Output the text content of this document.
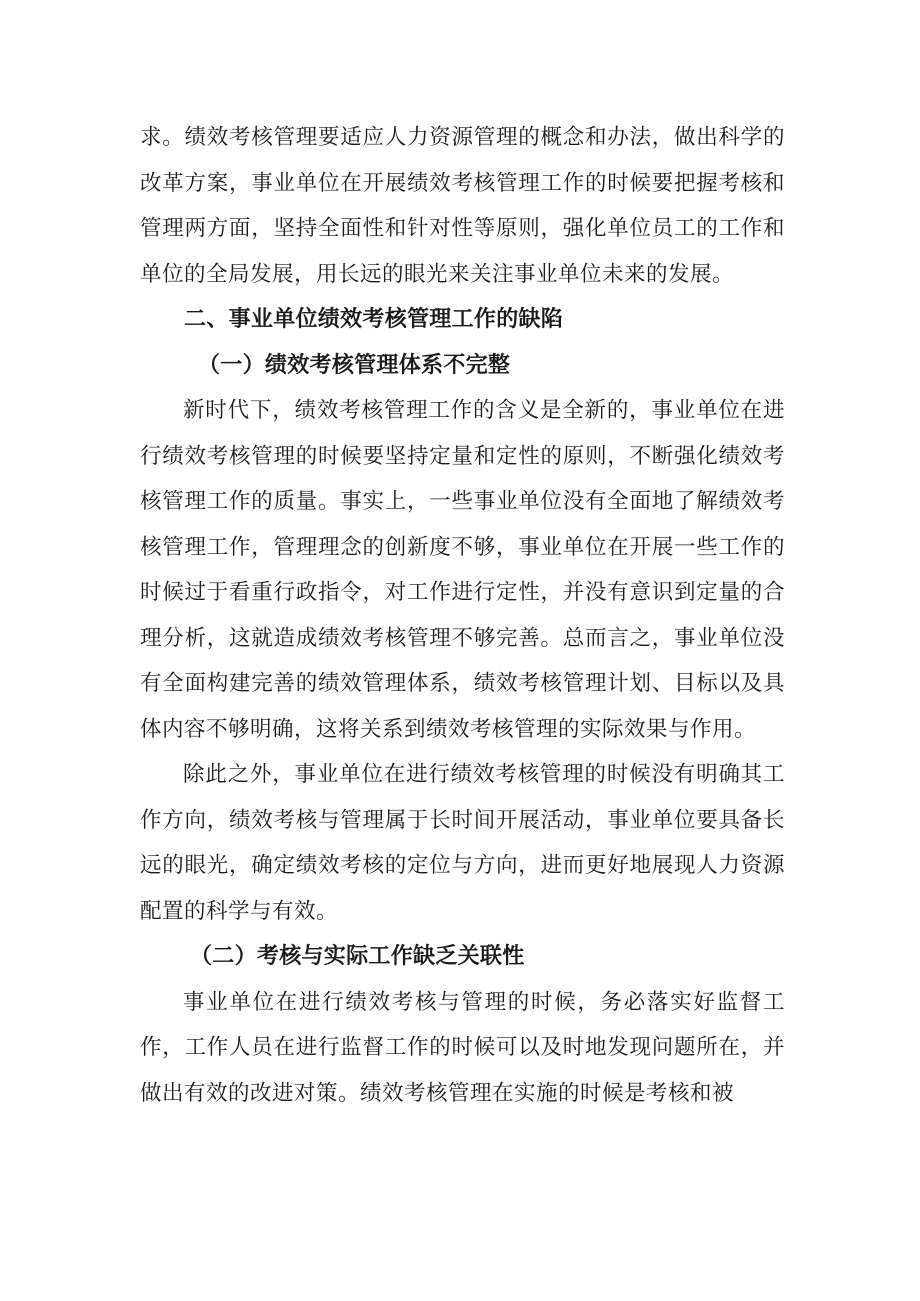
求。绩效考核管理要适应人力资源管理的概念和办法，做出科学的改革方案，事业单位在开展绩效考核管理工作的时候要把握考核和管理两方面，坚持全面性和针对性等原则，强化单位员工的工作和单位的全局发展，用长远的眼光来关注事业单位未来的发展。

二、事业单位绩效考核管理工作的缺陷

（一）绩效考核管理体系不完整

新时代下，绩效考核管理工作的含义是全新的，事业单位在进行绩效考核管理的时候要坚持定量和定性的原则，不断强化绩效考核管理工作的质量。事实上，一些事业单位没有全面地了解绩效考核管理工作，管理理念的创新度不够，事业单位在开展一些工作的时候过于看重行政指令，对工作进行定性，并没有意识到定量的合理分析，这就造成绩效考核管理不够完善。总而言之，事业单位没有全面构建完善的绩效管理体系，绩效考核管理计划、目标以及具体内容不够明确，这将关系到绩效考核管理的实际效果与作用。

除此之外，事业单位在进行绩效考核管理的时候没有明确其工作方向，绩效考核与管理属于长时间开展活动，事业单位要具备长远的眼光，确定绩效考核的定位与方向，进而更好地展现人力资源配置的科学与有效。

（二）考核与实际工作缺乏关联性

事业单位在进行绩效考核与管理的时候，务必落实好监督工作，工作人员在进行监督工作的时候可以及时地发现问题所在，并做出有效的改进对策。绩效考核管理在实施的时候是考核和被
